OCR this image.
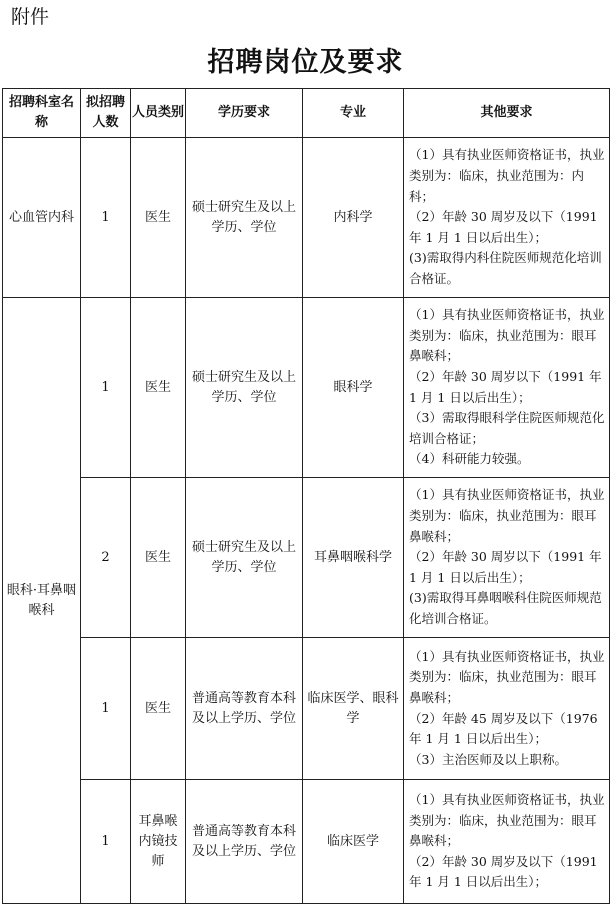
附件
招聘岗位及要求
招聘科室名称	拟招聘人数	人员类别	学历要求	专业	其他要求
心血管内科	1	医生	硕士研究生及以上学历、学位	内科学	（1）具有执业医师资格证书，执业类别为：临床，执业范围为：内科；
（2）年龄 30 周岁及以下（1991 年 1 月 1 日以后出生）；
(3)需取得内科住院医师规范化培训合格证。

眼科·耳鼻咽喉科	1	医生	硕士研究生及以上学历、学位	眼科学	（1）具有执业医师资格证书，执业类别为：临床，执业范围为：眼耳鼻喉科；
（2）年龄 30 周岁以下（1991 年 1 月 1 日以后出生）；
（3）需取得眼科学住院医师规范化培训合格证；
（4）科研能力较强。

	2	医生	硕士研究生及以上学历、学位	耳鼻咽喉科学	（1）具有执业医师资格证书，执业类别为：临床，执业范围为：眼耳鼻喉科；
（2）年龄 30 周岁以下（1991 年 1 月 1 日以后出生）；
(3)需取得耳鼻咽喉科住院医师规范化培训合格证。

	1	医生	普通高等教育本科及以上学历、学位	临床医学、眼科学	（1）具有执业医师资格证书，执业类别为：临床，执业范围为：眼耳鼻喉科；
（2）年龄 45 周岁及以下（1976 年 1 月 1 日以后出生）；
（3）主治医师及以上职称。

	1	耳鼻喉内镜技师	普通高等教育本科及以上学历、学位	临床医学	（1）具有执业医师资格证书，执业类别为：临床，执业范围为：眼耳鼻喉科；
（2）年龄 30 周岁及以下（1991 年 1 月 1 日以后出生）；
